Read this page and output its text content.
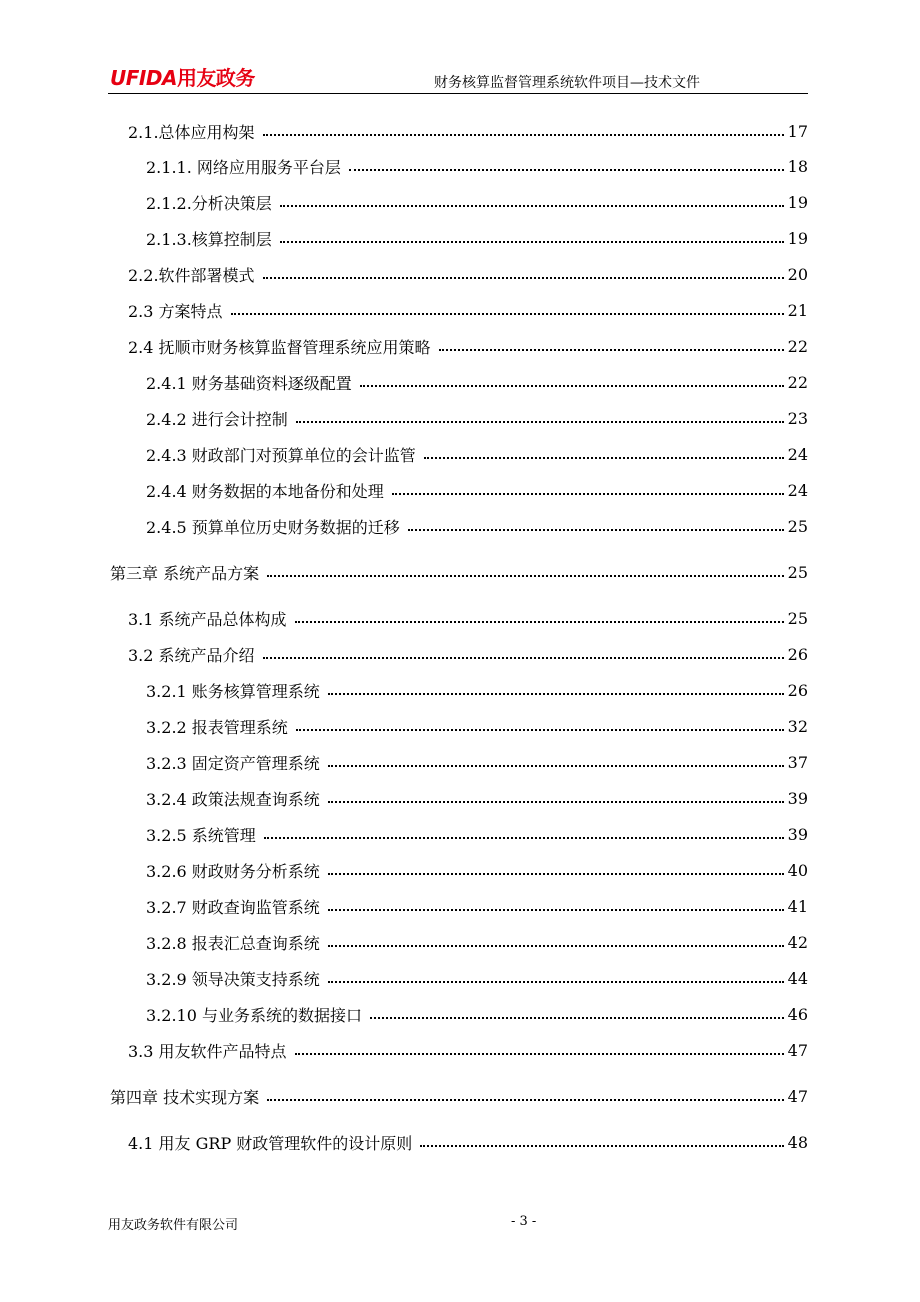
UFIDA用友政务	财务核算监督管理系统软件项目—技术文件
2.1.总体应用构架	17
2.1.1. 网络应用服务平台层	18
2.1.2.分析决策层	19
2.1.3.核算控制层	19
2.2.软件部署模式	20
2.3 方案特点	21
2.4 抚顺市财务核算监督管理系统应用策略	22
2.4.1 财务基础资料逐级配置	22
2.4.2 进行会计控制	23
2.4.3 财政部门对预算单位的会计监管	24
2.4.4 财务数据的本地备份和处理	24
2.4.5 预算单位历史财务数据的迁移	25
第三章 系统产品方案	25
3.1 系统产品总体构成	25
3.2 系统产品介绍	26
3.2.1 账务核算管理系统	26
3.2.2 报表管理系统	32
3.2.3 固定资产管理系统	37
3.2.4 政策法规查询系统	39
3.2.5 系统管理	39
3.2.6 财政财务分析系统	40
3.2.7 财政查询监管系统	41
3.2.8 报表汇总查询系统	42
3.2.9 领导决策支持系统	44
3.2.10 与业务系统的数据接口	46
3.3 用友软件产品特点	47
第四章 技术实现方案	47
4.1 用友 GRP 财政管理软件的设计原则	48
用友政务软件有限公司	- 3 -
